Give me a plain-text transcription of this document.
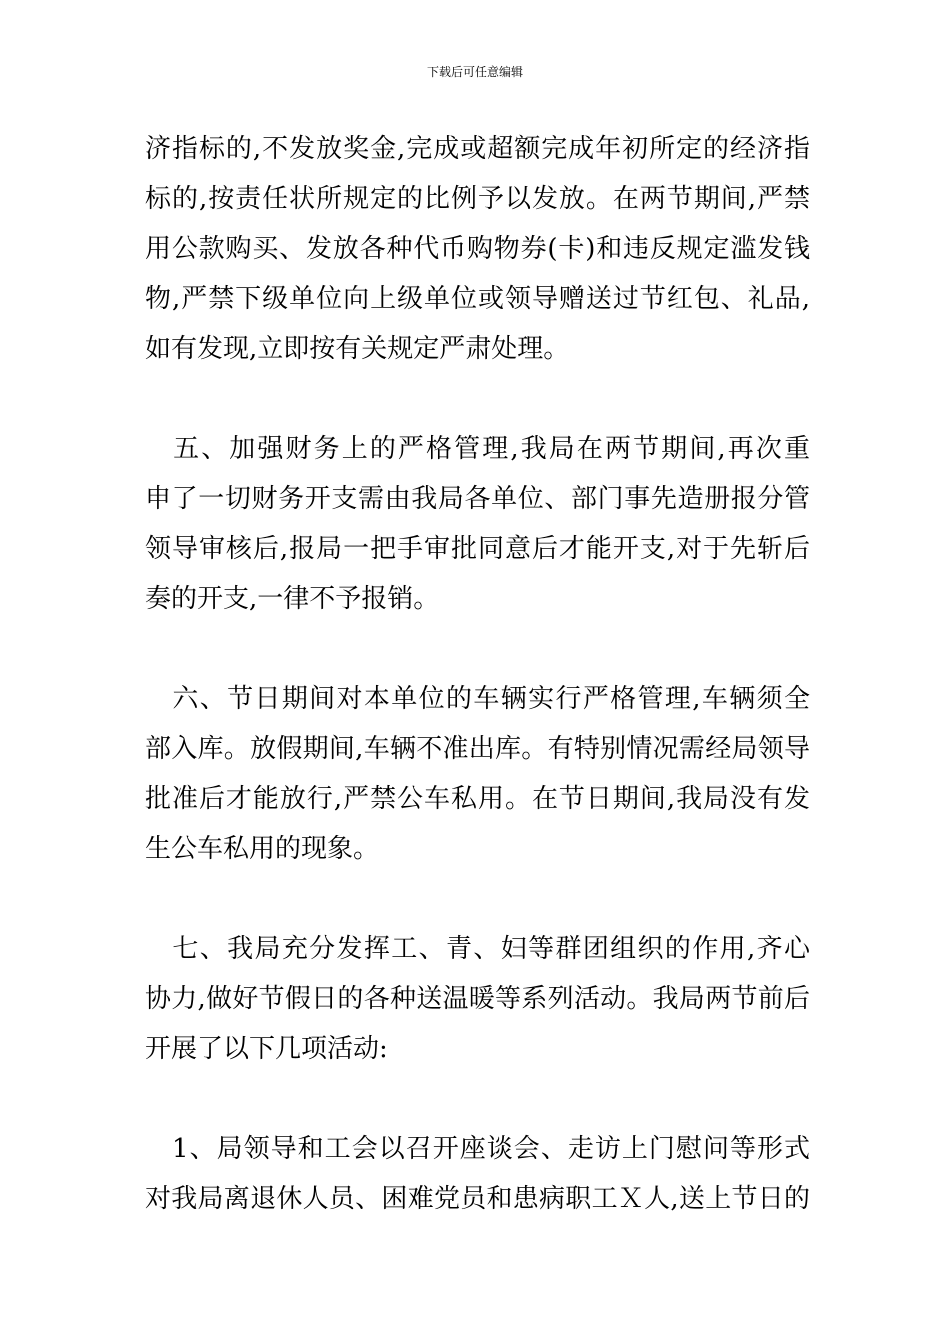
下载后可任意编辑
济指标的,不发放奖金,完成或超额完成年初所定的经济指
标的,按责任状所规定的比例予以发放。在两节期间,严禁
用公款购买、发放各种代币购物券(卡)和违反规定滥发钱
物,严禁下级单位向上级单位或领导赠送过节红包、礼品,
如有发现,立即按有关规定严肃处理。
　五、加强财务上的严格管理,我局在两节期间,再次重
申了一切财务开支需由我局各单位、部门事先造册报分管
领导审核后,报局一把手审批同意后才能开支,对于先斩后
奏的开支,一律不予报销。
　六、节日期间对本单位的车辆实行严格管理,车辆须全
部入库。放假期间,车辆不准出库。有特别情况需经局领导
批准后才能放行,严禁公车私用。在节日期间,我局没有发
生公车私用的现象。
　七、我局充分发挥工、青、妇等群团组织的作用,齐心
协力,做好节假日的各种送温暖等系列活动。我局两节前后
开展了以下几项活动:
　1、局领导和工会以召开座谈会、走访上门慰问等形式
对我局离退休人员、困难党员和患病职工Ｘ人,送上节日的
